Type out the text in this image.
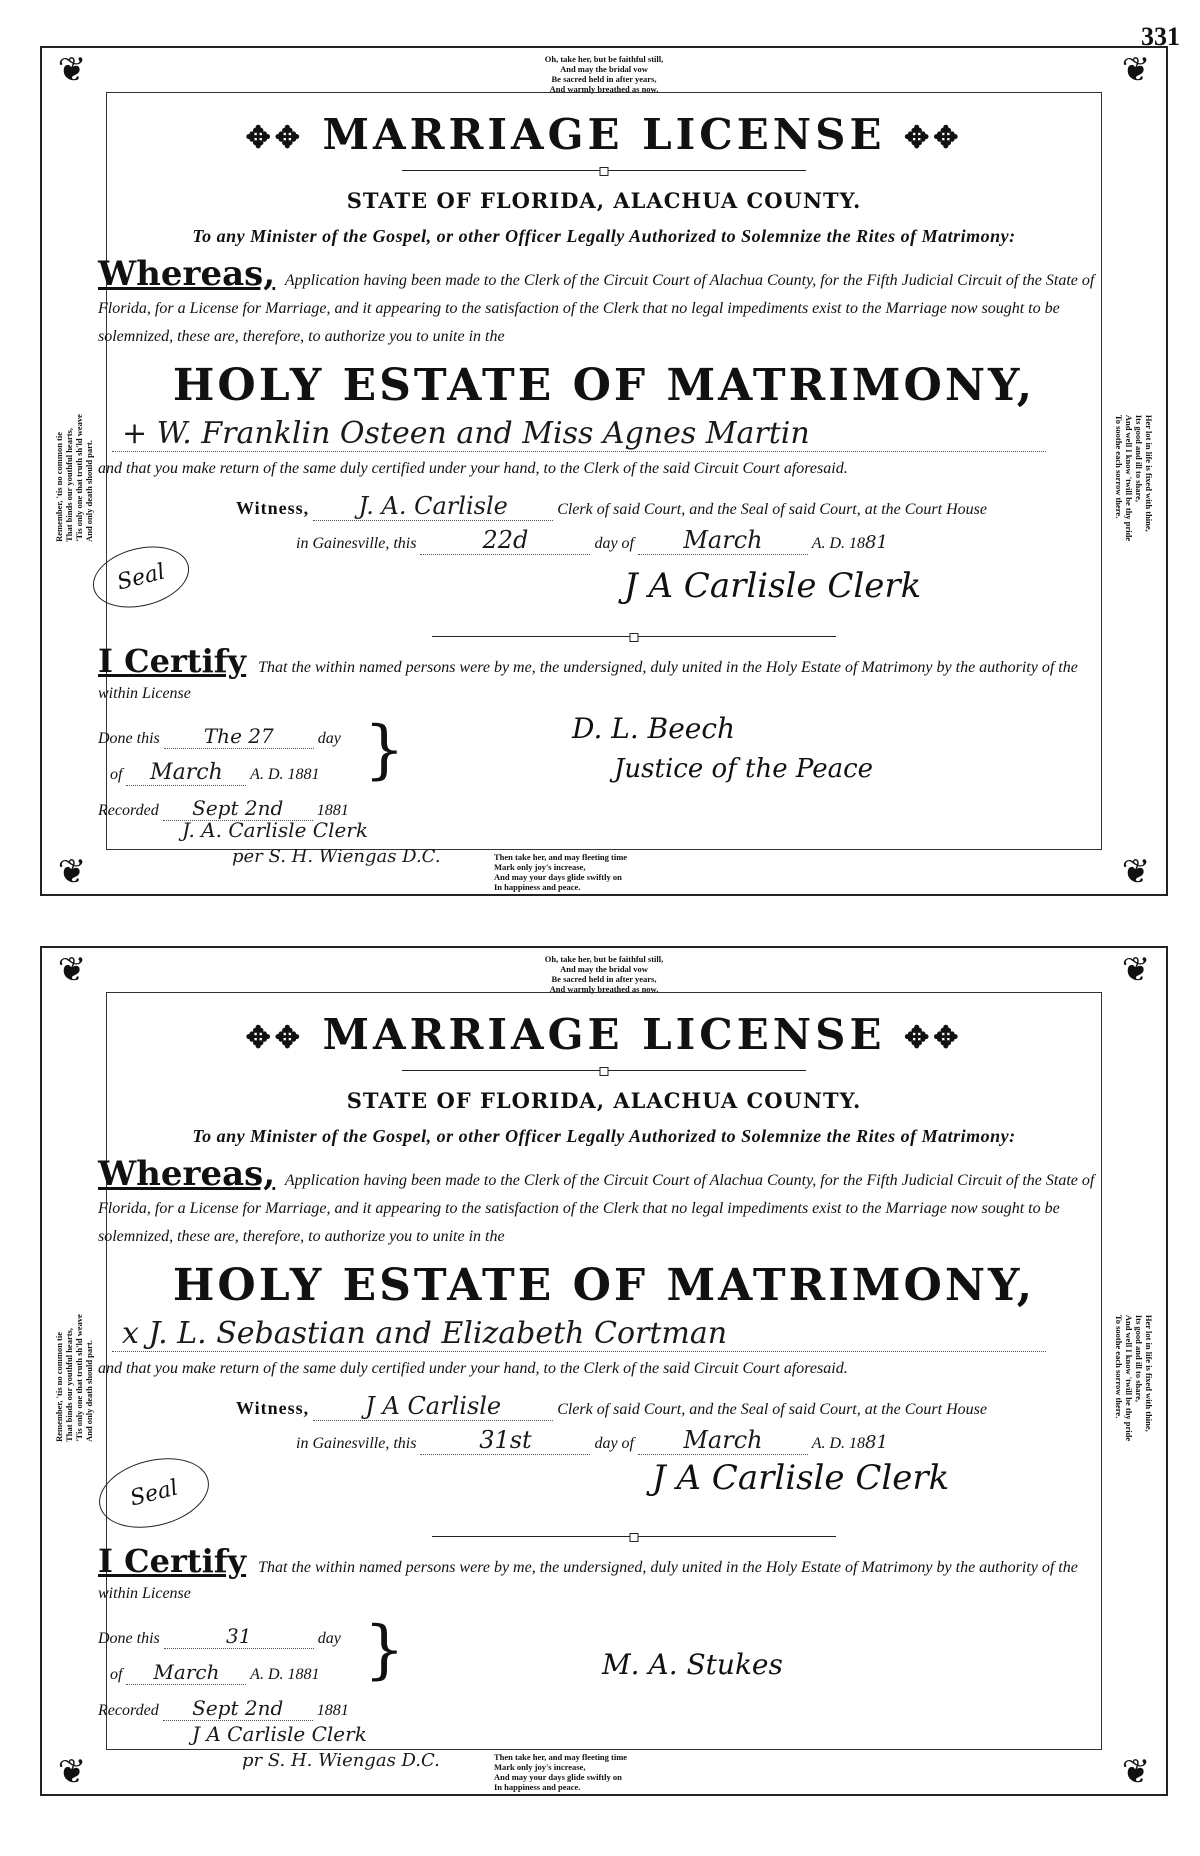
331
❦	❦
❦	❦
Oh, take her, but be faithful still,
And may the bridal vow
Be sacred held in after years,
And warmly breathed as now.
Remember, 'tis no common tie That binds our youthful hearts, 'Tis only one that truth sh'ld weave And only death should part.	Her lot in life is fixed with thine,
Its good and ill to share,
And well I know 'twill be thy pride
To soothe each sorrow there.
✥✥ MARRIAGE LICENSE ✥✥
STATE OF FLORIDA, ALACHUA COUNTY.
To any Minister of the Gospel, or other Officer Legally Authorized to Solemnize the Rites of Matrimony:
Whereas, Application having been made to the Clerk of the Circuit Court of Alachua County, for the Fifth Judicial Circuit of the State of Florida, for a License for Marriage, and it appearing to the satisfaction of the Clerk that no legal impediments exist to the Marriage now sought to be solemnized, these are, therefore, to authorize you to unite in the
HOLY ESTATE OF MATRIMONY,
+ W. Franklin Osteen and Miss Agnes Martin
and that you make return of the same duly certified under your hand, to the Clerk of the said Circuit Court aforesaid.
Witness, J. A. Carlisle	Clerk of said Court, and the Seal of said Court, at the Court House
in Gainesville, this	22d	day of March	A. D. 1881
Seal	J A Carlisle Clerk
I Certify That the within named persons were by me, the undersigned, duly united in the Holy Estate of Matrimony by the authority of the within License
Done this The 27	day
of March A. D. 1881 }
Recorded Sept 2nd 1881
J. A. Carlisle Clerk
per S. H. Wiengas D.C.
D. L. Beech
Justice of the Peace
Then take her, and may fleeting time
Mark only joy's increase,
And may your days glide swiftly on
In happiness and peace.
❦	❦
❦	❦
Oh, take her, but be faithful still,
And may the bridal vow
Be sacred held in after years,
And warmly breathed as now.
Remember, 'tis no common tie That binds our youthful hearts, 'Tis only one that truth sh'ld weave And only death should part.	Her lot in life is fixed with thine,
Its good and ill to share,
And well I know 'twill be thy pride
To soothe each sorrow there.
✥✥ MARRIAGE LICENSE ✥✥
STATE OF FLORIDA, ALACHUA COUNTY.
To any Minister of the Gospel, or other Officer Legally Authorized to Solemnize the Rites of Matrimony:
Whereas, Application having been made to the Clerk of the Circuit Court of Alachua County, for the Fifth Judicial Circuit of the State of Florida, for a License for Marriage, and it appearing to the satisfaction of the Clerk that no legal impediments exist to the Marriage now sought to be solemnized, these are, therefore, to authorize you to unite in the
HOLY ESTATE OF MATRIMONY,
x J. L. Sebastian and Elizabeth Cortman
and that you make return of the same duly certified under your hand, to the Clerk of the said Circuit Court aforesaid.
Witness, J A Carlisle	Clerk of said Court, and the Seal of said Court, at the Court House
in Gainesville, this	31st	day of March	A. D. 1881
Seal	J A Carlisle Clerk
I Certify That the within named persons were by me, the undersigned, duly united in the Holy Estate of Matrimony by the authority of the within License
Done this	31	day
of March A. D. 1881 }
Recorded Sept 2nd 1881
J A Carlisle Clerk
pr S. H. Wiengas D.C.
M. A. Stukes
Then take her, and may fleeting time
Mark only joy's increase,
And may your days glide swiftly on
In happiness and peace.
